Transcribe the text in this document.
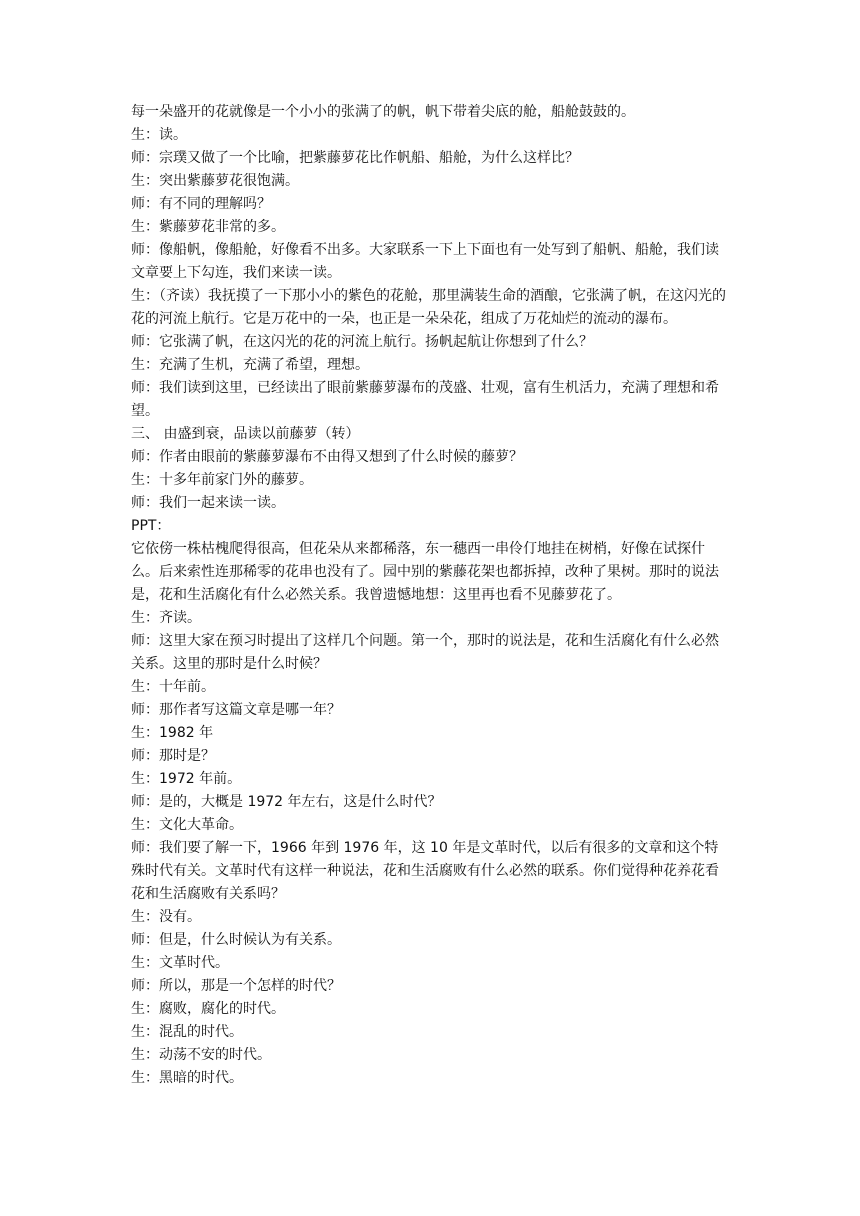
每一朵盛开的花就像是一个小小的张满了的帆，帆下带着尖底的舱，船舱鼓鼓的。

生：读。

师：宗璞又做了一个比喻，把紫藤萝花比作帆船、船舱，为什么这样比？

生：突出紫藤萝花很饱满。

师：有不同的理解吗？

生：紫藤萝花非常的多。

师：像船帆，像船舱，好像看不出多。大家联系一下上下面也有一处写到了船帆、船舱，我们读文章要上下勾连，我们来读一读。

生：（齐读）我抚摸了一下那小小的紫色的花舱，那里满装生命的酒酿，它张满了帆，在这闪光的花的河流上航行。它是万花中的一朵，也正是一朵朵花，组成了万花灿烂的流动的瀑布。

师：它张满了帆，在这闪光的花的河流上航行。扬帆起航让你想到了什么？

生：充满了生机，充满了希望，理想。

师：我们读到这里，已经读出了眼前紫藤萝瀑布的茂盛、壮观，富有生机活力，充满了理想和希望。

三、 由盛到衰，品读以前藤萝（转）

师：作者由眼前的紫藤萝瀑布不由得又想到了什么时候的藤萝？

生：十多年前家门外的藤萝。

师：我们一起来读一读。

PPT：

它依傍一株枯槐爬得很高，但花朵从来都稀落，东一穗西一串伶仃地挂在树梢，好像在试探什么。后来索性连那稀零的花串也没有了。园中别的紫藤花架也都拆掉，改种了果树。那时的说法是，花和生活腐化有什么必然关系。我曾遗憾地想：这里再也看不见藤萝花了。

生：齐读。

师：这里大家在预习时提出了这样几个问题。第一个，那时的说法是，花和生活腐化有什么必然关系。这里的那时是什么时候？

生：十年前。

师：那作者写这篇文章是哪一年？

生：1982 年

师：那时是？

生：1972 年前。

师：是的，大概是 1972 年左右，这是什么时代？

生：文化大革命。

师：我们要了解一下，1966 年到 1976 年，这 10 年是文革时代，以后有很多的文章和这个特殊时代有关。文革时代有这样一种说法，花和生活腐败有什么必然的联系。你们觉得种花养花看花和生活腐败有关系吗？

生：没有。

师：但是，什么时候认为有关系。

生：文革时代。

师：所以，那是一个怎样的时代？

生：腐败，腐化的时代。

生：混乱的时代。

生：动荡不安的时代。

生：黑暗的时代。
